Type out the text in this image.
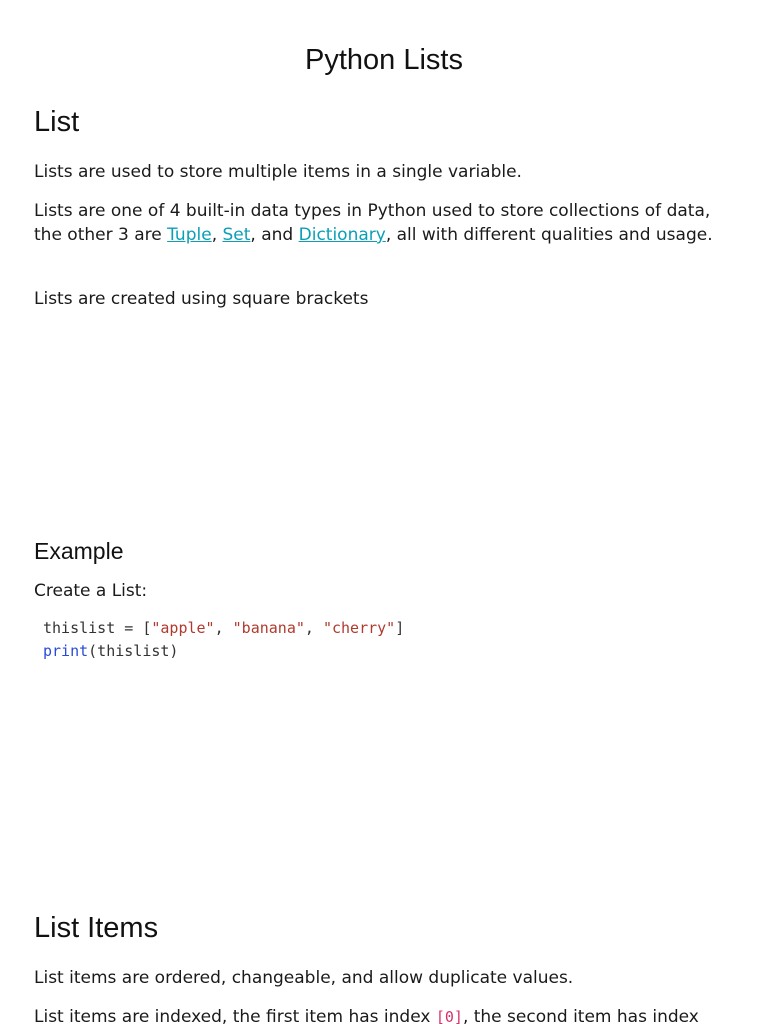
Python Lists
List

Lists are used to store multiple items in a single variable.

Lists are one of 4 built-in data types in Python used to store collections of data, the other 3 are Tuple, Set, and Dictionary, all with different qualities and usage.

Lists are created using square brackets

Example

Create a List:

thislist = ["apple", "banana", "cherry"]
print(thislist)
List Items

List items are ordered, changeable, and allow duplicate values.

List items are indexed, the first item has index [0], the second item has index
